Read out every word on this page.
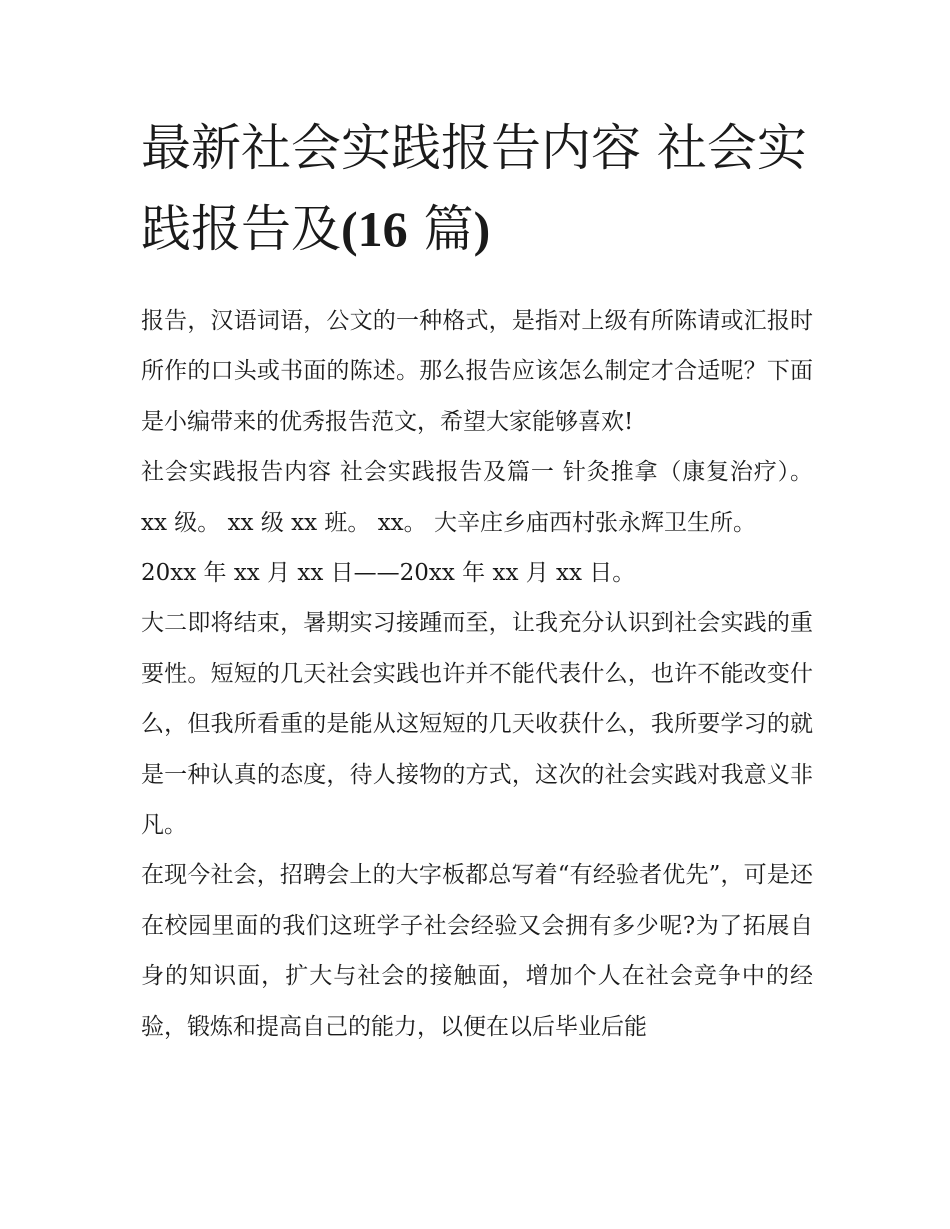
最新社会实践报告内容 社会实践报告及(16 篇)

报告，汉语词语，公文的一种格式，是指对上级有所陈请或汇报时所作的口头或书面的陈述。那么报告应该怎么制定才合适呢？下面是小编带来的优秀报告范文，希望大家能够喜欢!

社会实践报告内容 社会实践报告及篇一 针灸推拿（康复治疗）。 xx 级。 xx 级 xx 班。 xx。 大辛庄乡庙西村张永辉卫生所。

20xx 年 xx 月 xx 日——20xx 年 xx 月 xx 日。

大二即将结束，暑期实习接踵而至，让我充分认识到社会实践的重要性。短短的几天社会实践也许并不能代表什么，也许不能改变什么，但我所看重的是能从这短短的几天收获什么，我所要学习的就是一种认真的态度，待人接物的方式，这次的社会实践对我意义非凡。

在现今社会，招聘会上的大字板都总写着“有经验者优先”，可是还在校园里面的我们这班学子社会经验又会拥有多少呢?为了拓展自身的知识面，扩大与社会的接触面，增加个人在社会竞争中的经验，锻炼和提高自己的能力，以便在以后毕业后能
